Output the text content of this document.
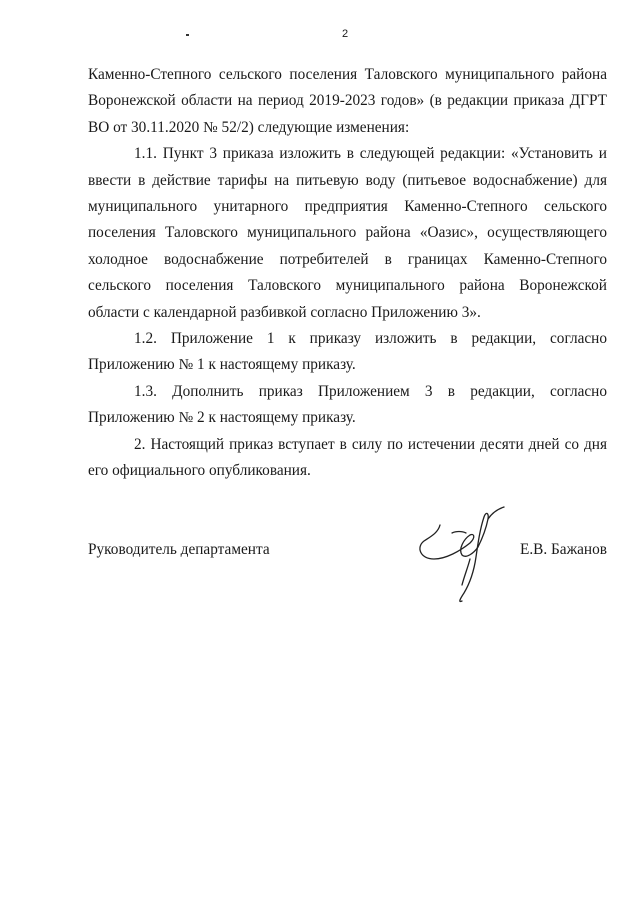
2

Каменно-Степного сельского поселения Таловского муниципального района Воронежской области на период 2019-2023 годов» (в редакции приказа ДГРТ ВО от 30.11.2020 № 52/2) следующие изменения:

1.1. Пункт 3 приказа изложить в следующей редакции: «Установить и ввести в действие тарифы на питьевую воду (питьевое водоснабжение) для муниципального унитарного предприятия Каменно-Степного сельского поселения Таловского муниципального района «Оазис», осуществляющего холодное водоснабжение потребителей в границах Каменно-Степного сельского поселения Таловского муниципального района Воронежской области с календарной разбивкой согласно Приложению 3».

1.2. Приложение 1 к приказу изложить в редакции, согласно Приложению № 1 к настоящему приказу.

1.3. Дополнить приказ Приложением 3 в редакции, согласно Приложению № 2 к настоящему приказу.

2. Настоящий приказ вступает в силу по истечении десяти дней со дня его официального опубликования.

Руководитель департамента	Е.В. Бажанов
